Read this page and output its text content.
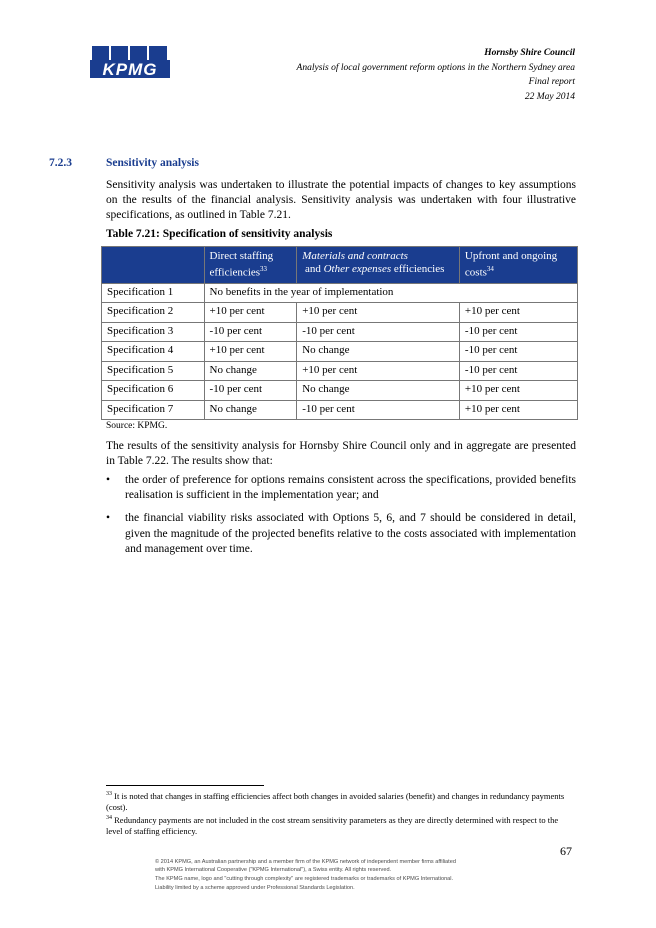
KPMG
Hornsby Shire Council
Analysis of local government reform options in the Northern Sydney area
Final report
22 May 2014
7.2.3	Sensitivity analysis
Sensitivity analysis was undertaken to illustrate the potential impacts of changes to key assumptions on the results of the financial analysis. Sensitivity analysis was undertaken with four illustrative specifications, as outlined in Table 7.21.
Table 7.21: Specification of sensitivity analysis
	Direct staffing efficiencies$^{33}$	Materials and contracts and Other expenses efficiencies	Upfront and ongoing costs$^{34}$
Specification 1	No benefits in the year of implementation		
Specification 2	+10 per cent	+10 per cent	+10 per cent
Specification 3	-10 per cent	-10 per cent	-10 per cent
Specification 4	+10 per cent	No change	-10 per cent
Specification 5	No change	+10 per cent	-10 per cent
Specification 6	-10 per cent	No change	+10 per cent
Specification 7	No change	-10 per cent	+10 per cent
Source: KPMG.
The results of the sensitivity analysis for Hornsby Shire Council only and in aggregate are presented in Table 7.22. The results show that:
• the order of preference for options remains consistent across the specifications, provided benefits realisation is sufficient in the implementation year; and
• the financial viability risks associated with Options 5, 6, and 7 should be considered in detail, given the magnitude of the projected benefits relative to the costs associated with implementation and management over time.
$^{33}$ It is noted that changes in staffing efficiencies affect both changes in avoided salaries (benefit) and changes in redundancy payments (cost).
$^{34}$ Redundancy payments are not included in the cost stream sensitivity parameters as they are directly determined with respect to the level of staffing efficiency.
67
© 2014 KPMG, an Australian partnership and a member firm of the KPMG network of independent member firms affiliated
with KPMG International Cooperative ("KPMG International"), a Swiss entity. All rights reserved.
The KPMG name, logo and "cutting through complexity" are registered trademarks or trademarks of KPMG International.
Liability limited by a scheme approved under Professional Standards Legislation.
